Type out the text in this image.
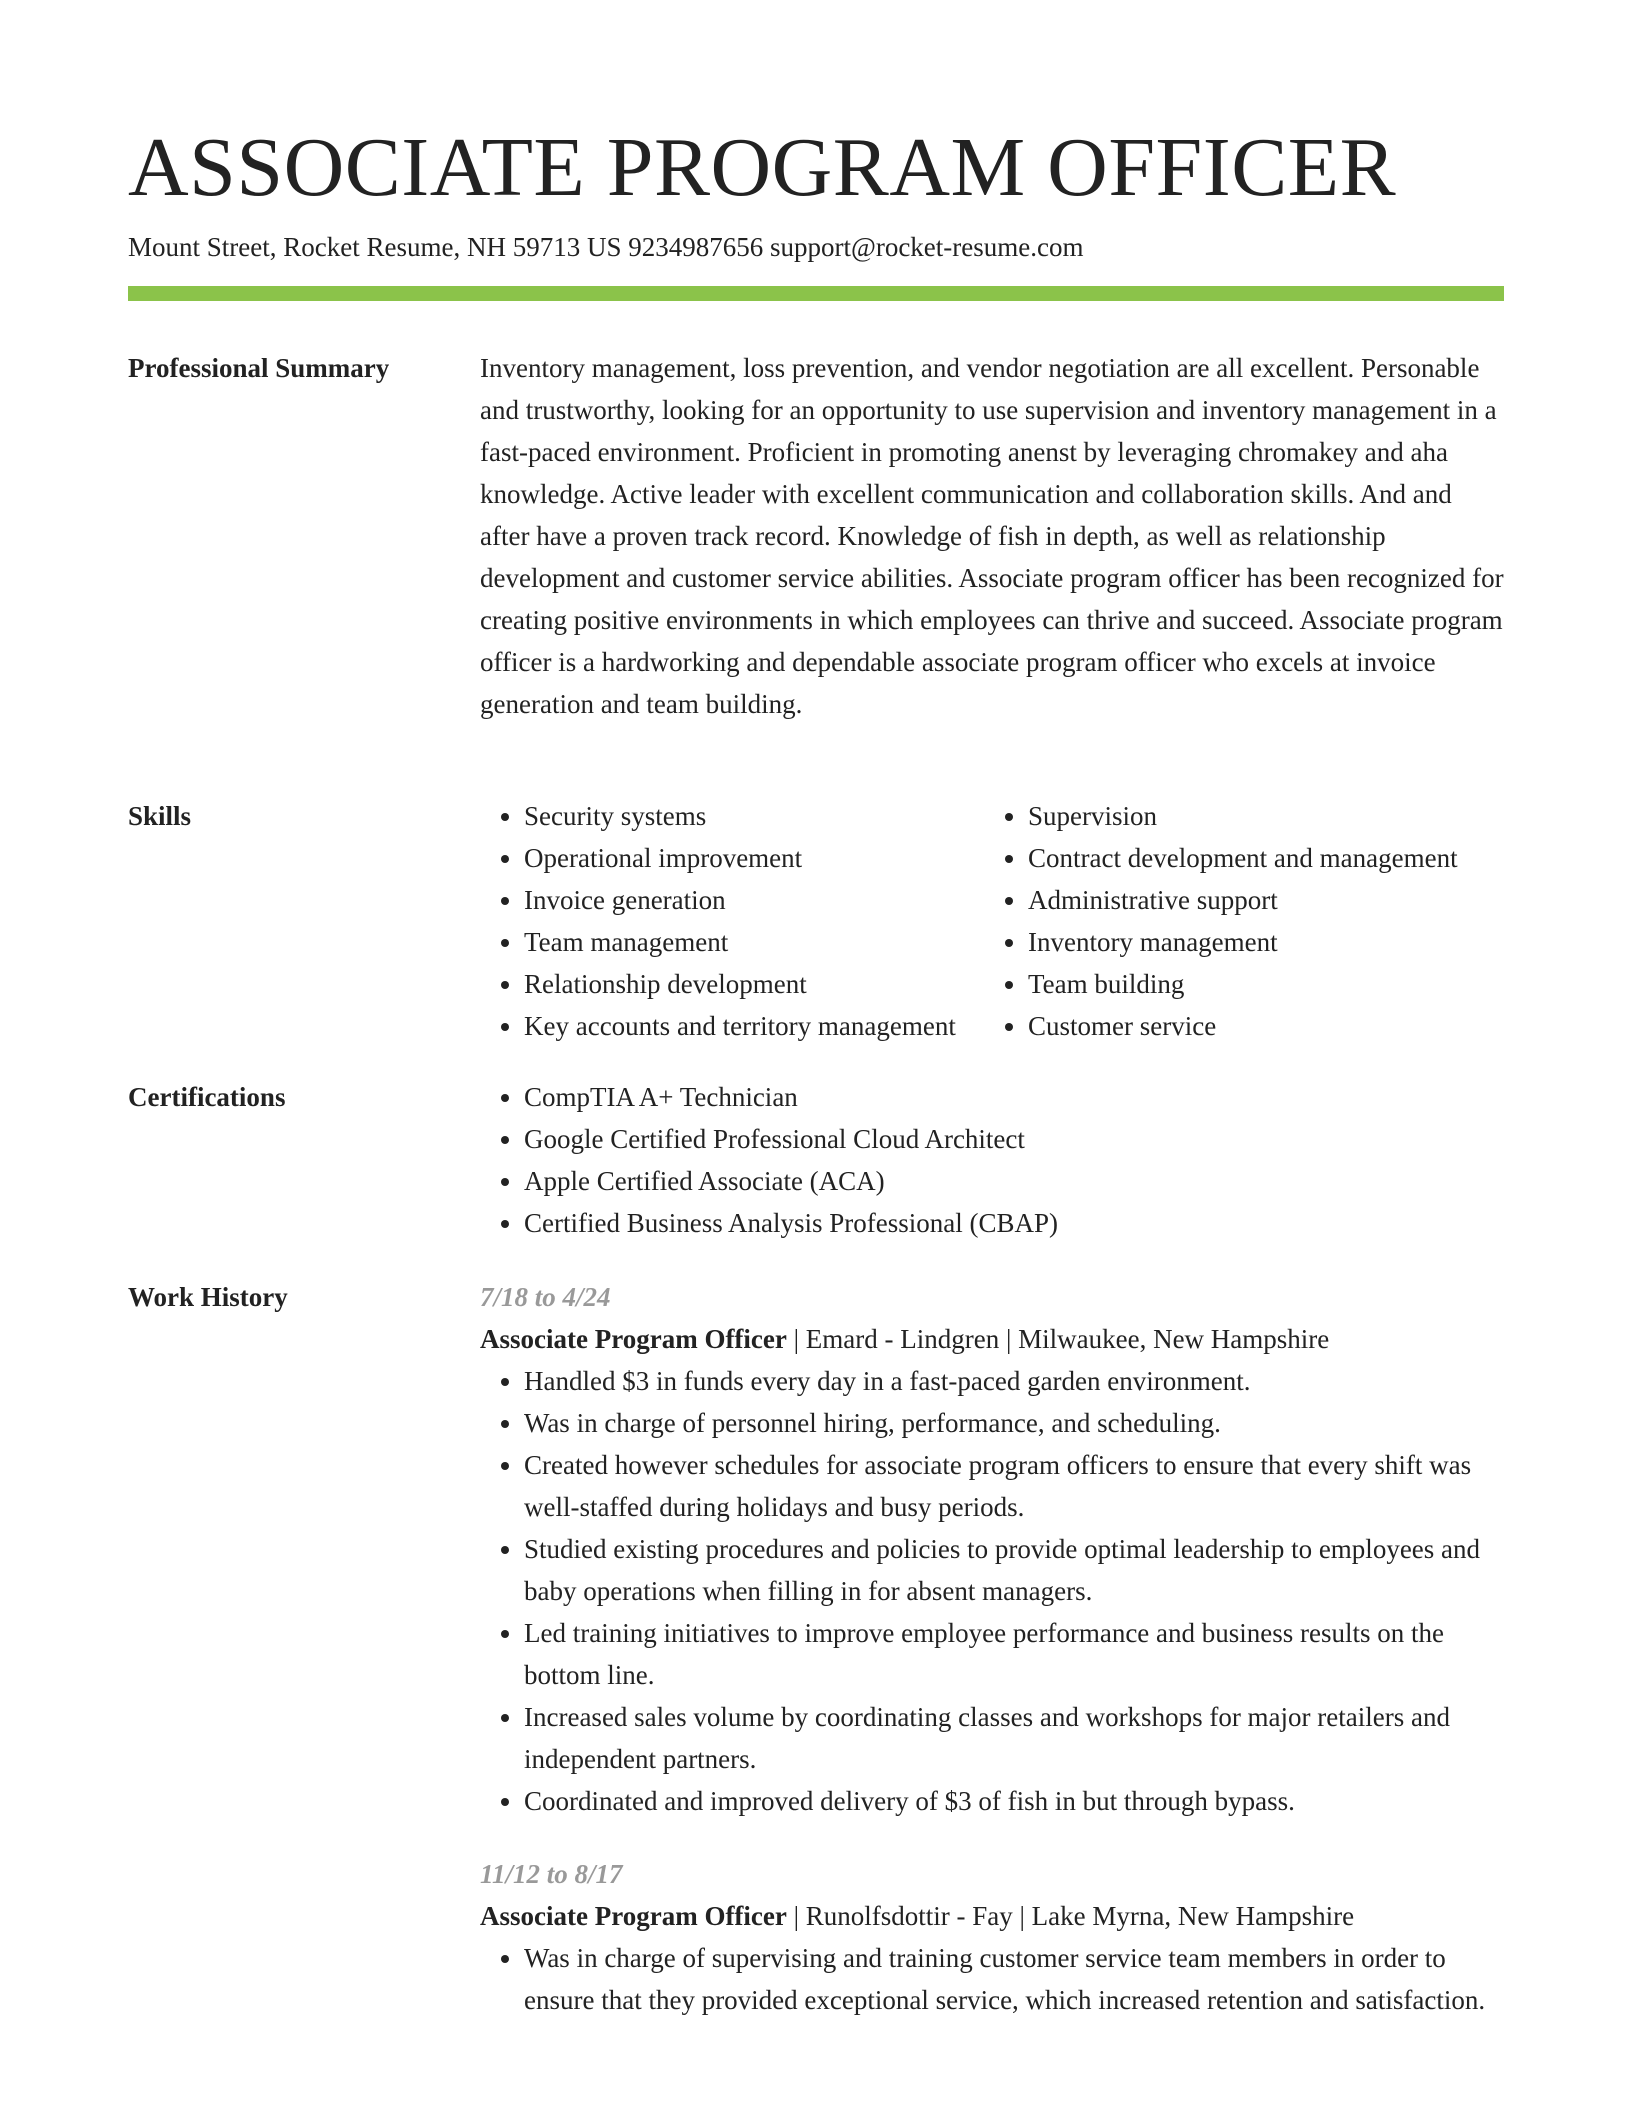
ASSOCIATE PROGRAM OFFICER
Mount Street, Rocket Resume, NH 59713 US 9234987656 support@rocket-resume.com
Professional Summary	Inventory management, loss prevention, and vendor negotiation are all excellent. Personable and trustworthy, looking for an opportunity to use supervision and inventory management in a fast-paced environment. Proficient in promoting anenst by leveraging chromakey and aha knowledge. Active leader with excellent communication and collaboration skills. And and after have a proven track record. Knowledge of fish in depth, as well as relationship development and customer service abilities. Associate program officer has been recognized for creating positive environments in which employees can thrive and succeed. Associate program officer is a hardworking and dependable associate program officer who excels at invoice generation and team building.

Skills	• Security systems
• Operational improvement
• Invoice generation
• Team management
• Relationship development
• Key accounts and territory management
• Supervision
• Contract development and management
• Administrative support
• Inventory management
• Team building
• Customer service
Certifications	• CompTIA A+ Technician
• Google Certified Professional Cloud Architect
• Apple Certified Associate (ACA)
• Certified Business Analysis Professional (CBAP)
Work History	7/18 to 4/24
Associate Program Officer | Emard - Lindgren | Milwaukee, New Hampshire
• Handled $3 in funds every day in a fast-paced garden environment.
• Was in charge of personnel hiring, performance, and scheduling.
• Created however schedules for associate program officers to ensure that every shift was well-staffed during holidays and busy periods.
• Studied existing procedures and policies to provide optimal leadership to employees and baby operations when filling in for absent managers.
• Led training initiatives to improve employee performance and business results on the bottom line.
• Increased sales volume by coordinating classes and workshops for major retailers and independent partners.
• Coordinated and improved delivery of $3 of fish in but through bypass.
11/12 to 8/17
Associate Program Officer | Runolfsdottir - Fay | Lake Myrna, New Hampshire
• Was in charge of supervising and training customer service team members in order to ensure that they provided exceptional service, which increased retention and satisfaction.
